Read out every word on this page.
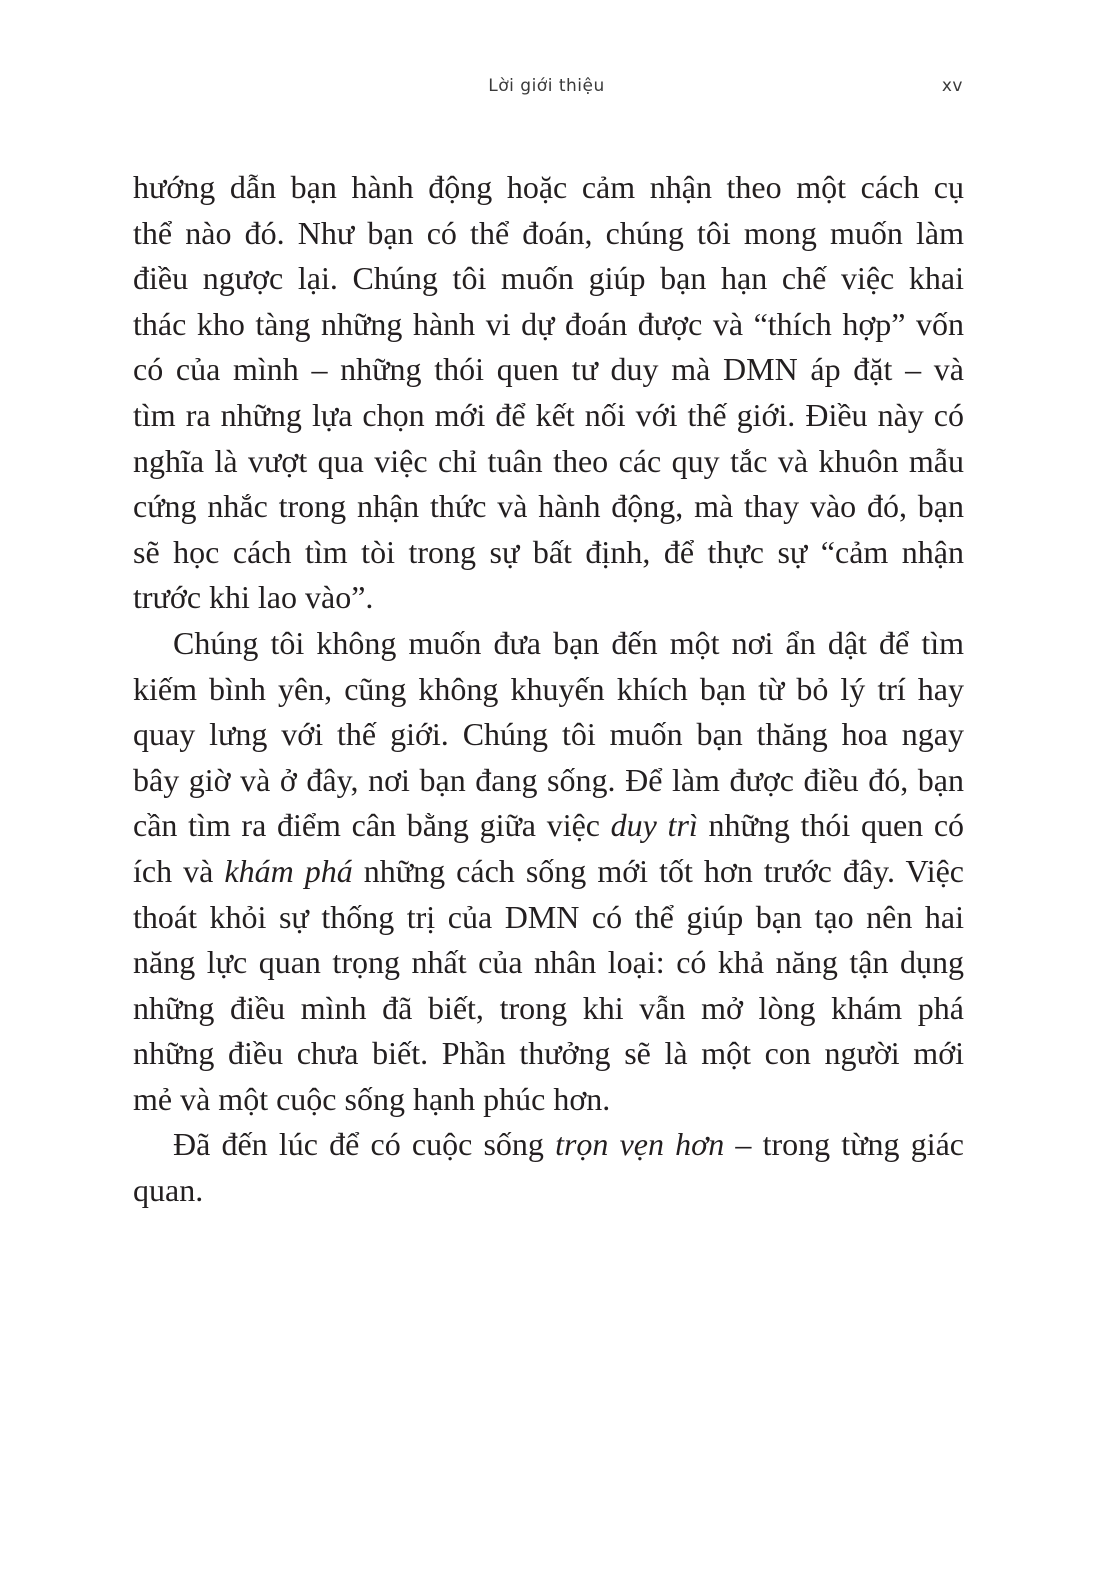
Lời giới thiệu	xv
hướng dẫn bạn hành động hoặc cảm nhận theo một cách cụ
thể nào đó. Như bạn có thể đoán, chúng tôi mong muốn làm
điều ngược lại. Chúng tôi muốn giúp bạn hạn chế việc khai
thác kho tàng những hành vi dự đoán được và “thích hợp” vốn
có của mình – những thói quen tư duy mà DMN áp đặt – và
tìm ra những lựa chọn mới để kết nối với thế giới. Điều này có
nghĩa là vượt qua việc chỉ tuân theo các quy tắc và khuôn mẫu
cứng nhắc trong nhận thức và hành động, mà thay vào đó, bạn
sẽ học cách tìm tòi trong sự bất định, để thực sự “cảm nhận
trước khi lao vào”.
Chúng tôi không muốn đưa bạn đến một nơi ẩn dật để tìm
kiếm bình yên, cũng không khuyến khích bạn từ bỏ lý trí hay
quay lưng với thế giới. Chúng tôi muốn bạn thăng hoa ngay
bây giờ và ở đây, nơi bạn đang sống. Để làm được điều đó, bạn
cần tìm ra điểm cân bằng giữa việc duy trì những thói quen có
ích và khám phá những cách sống mới tốt hơn trước đây. Việc
thoát khỏi sự thống trị của DMN có thể giúp bạn tạo nên hai
năng lực quan trọng nhất của nhân loại: có khả năng tận dụng
những điều mình đã biết, trong khi vẫn mở lòng khám phá
những điều chưa biết. Phần thưởng sẽ là một con người mới
mẻ và một cuộc sống hạnh phúc hơn.
Đã đến lúc để có cuộc sống trọn vẹn hơn – trong từng giác
quan.
